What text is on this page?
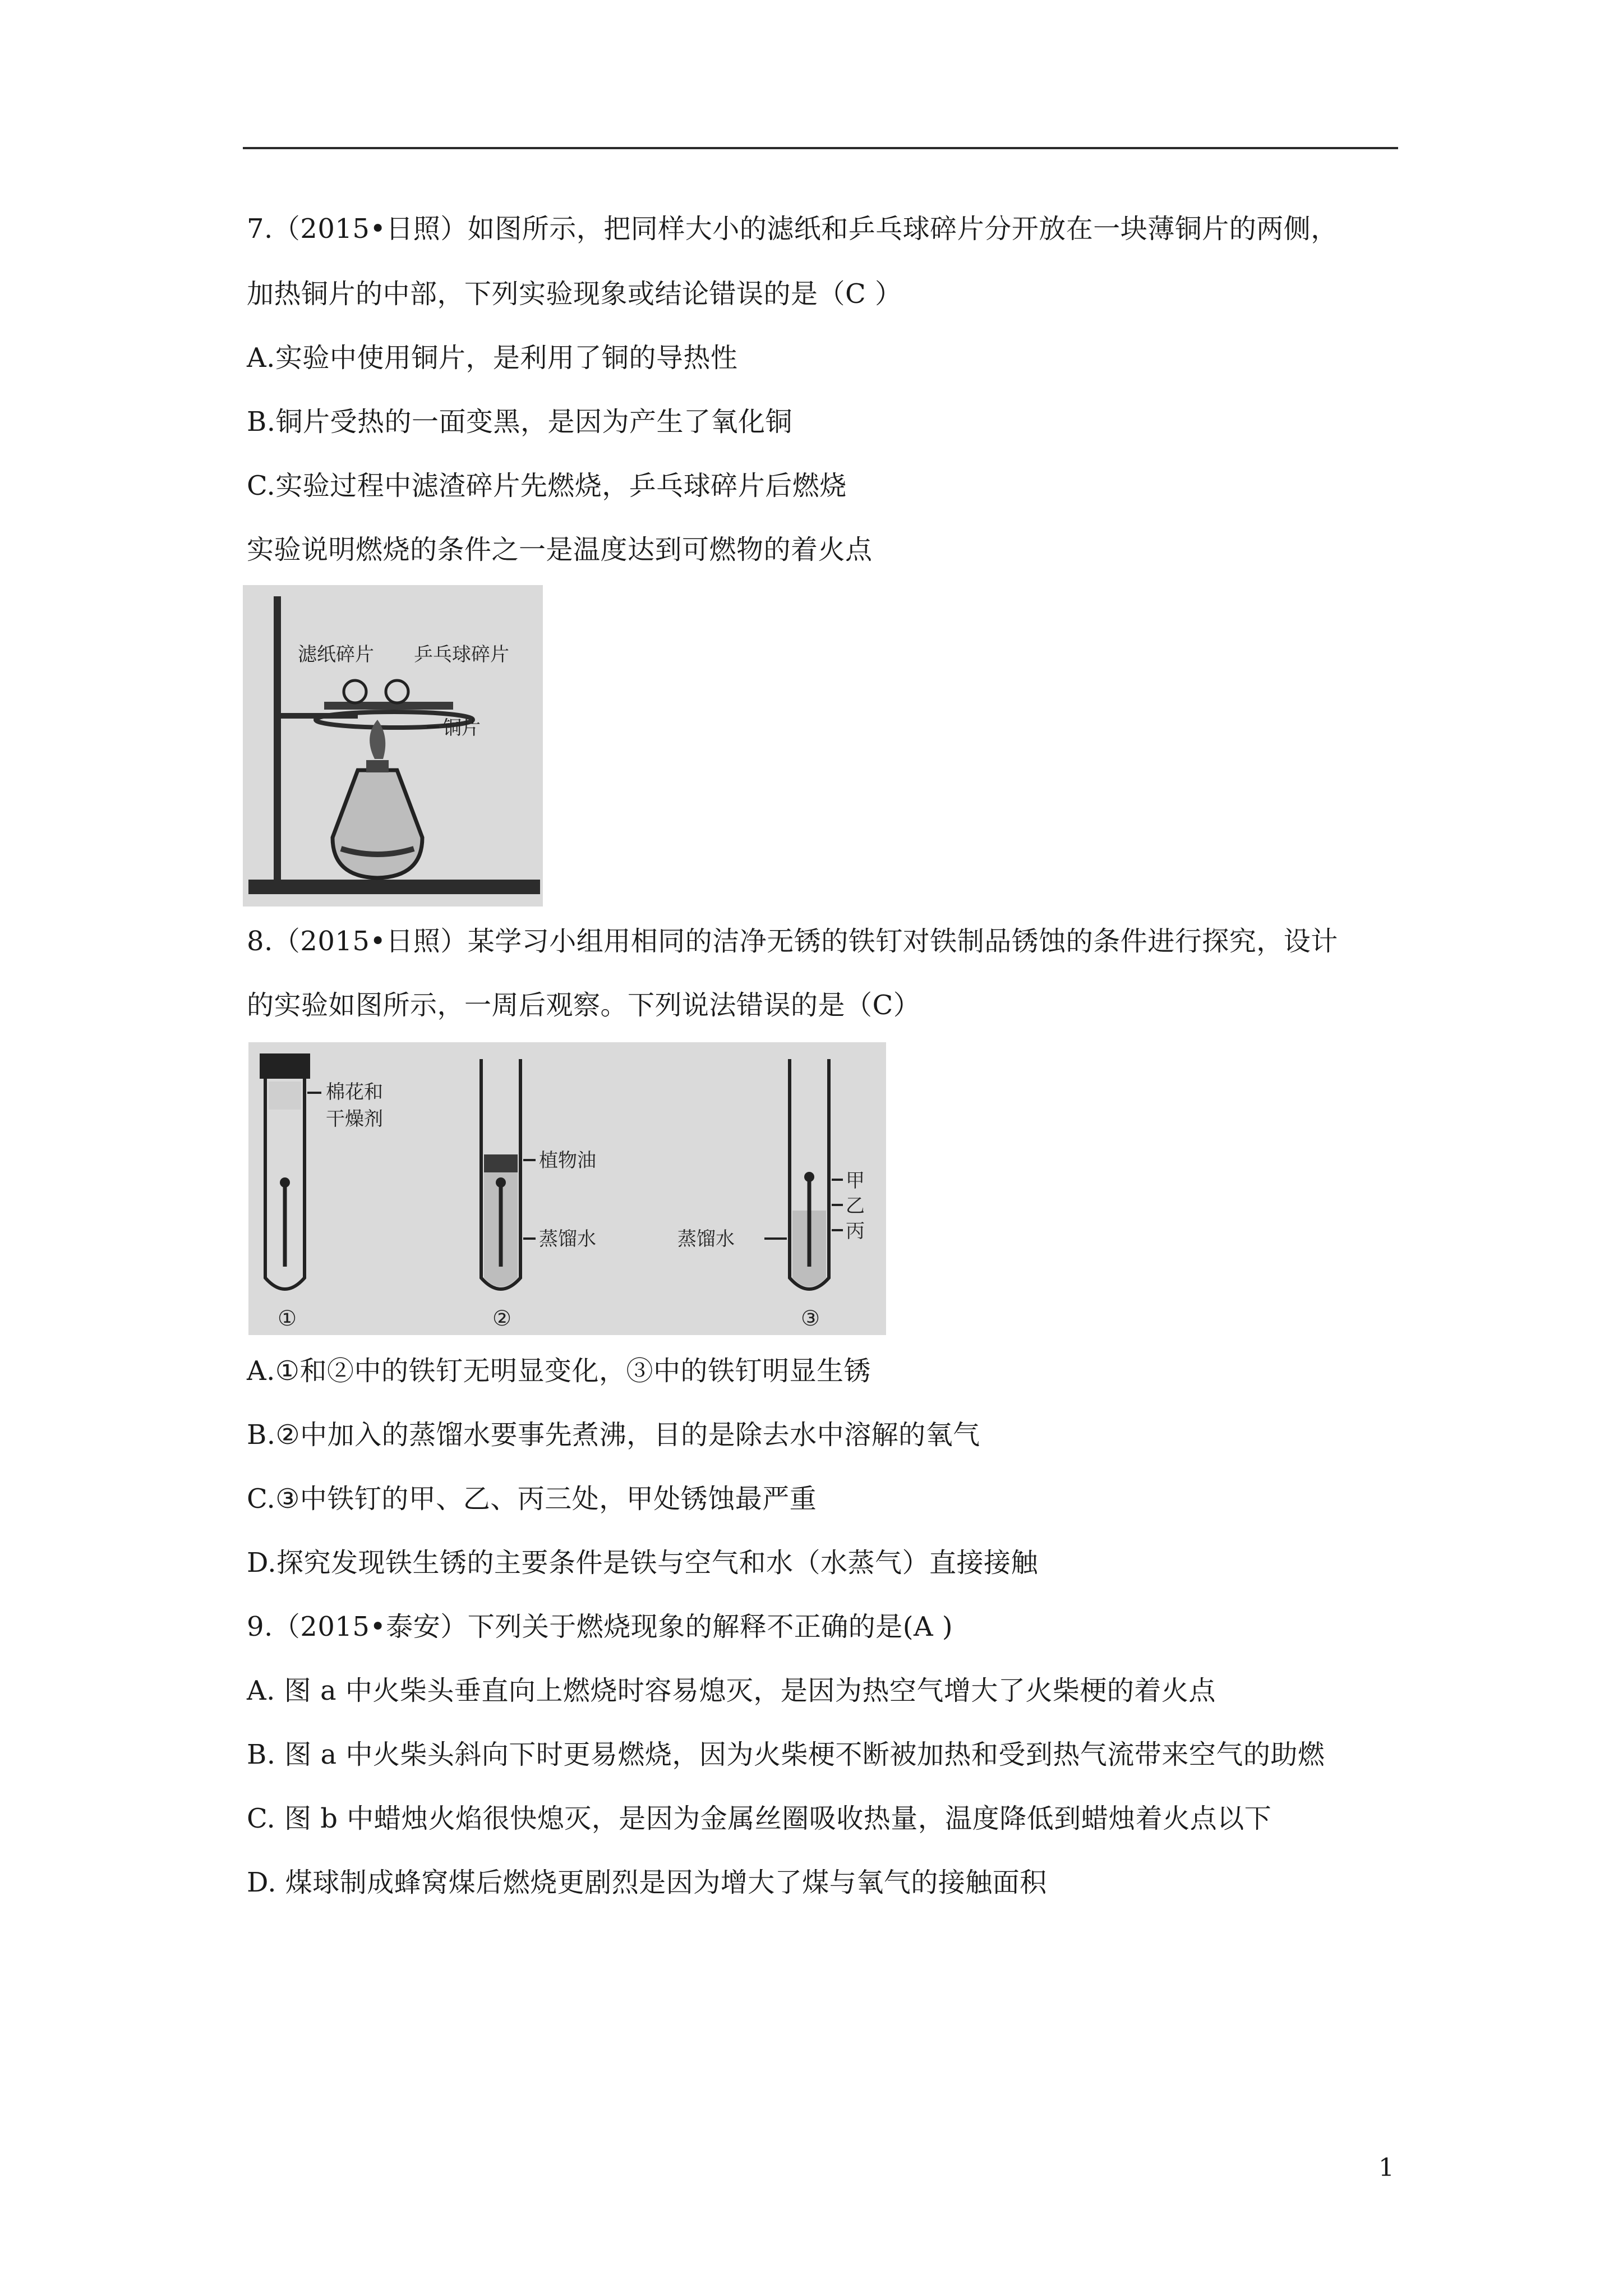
7.（2015•日照）如图所示，把同样大小的滤纸和乒乓球碎片分开放在一块薄铜片的两侧，
加热铜片的中部，下列实验现象或结论错误的是（C ）
A.实验中使用铜片，是利用了铜的导热性
B.铜片受热的一面变黑，是因为产生了氧化铜
C.实验过程中滤渣碎片先燃烧，乒乓球碎片后燃烧
实验说明燃烧的条件之一是温度达到可燃物的着火点
滤纸碎片 乒乓球碎片
铜片
8.（2015•日照）某学习小组用相同的洁净无锈的铁钉对铁制品锈蚀的条件进行探究，设计
的实验如图所示，一周后观察。下列说法错误的是（C）
棉花和
干燥剂
①
植物油
蒸馏水
②
蒸馏水
甲
乙
丙
③
A.①和②中的铁钉无明显变化，③中的铁钉明显生锈
B.②中加入的蒸馏水要事先煮沸，目的是除去水中溶解的氧气
C.③中铁钉的甲、乙、丙三处，甲处锈蚀最严重
D.探究发现铁生锈的主要条件是铁与空气和水（水蒸气）直接接触
9.（2015•泰安）下列关于燃烧现象的解释不正确的是(A )
A. 图 a 中火柴头垂直向上燃烧时容易熄灭，是因为热空气增大了火柴梗的着火点
B. 图 a 中火柴头斜向下时更易燃烧，因为火柴梗不断被加热和受到热气流带来空气的助燃
C. 图 b 中蜡烛火焰很快熄灭，是因为金属丝圈吸收热量，温度降低到蜡烛着火点以下
D. 煤球制成蜂窝煤后燃烧更剧烈是因为增大了煤与氧气的接触面积
1
